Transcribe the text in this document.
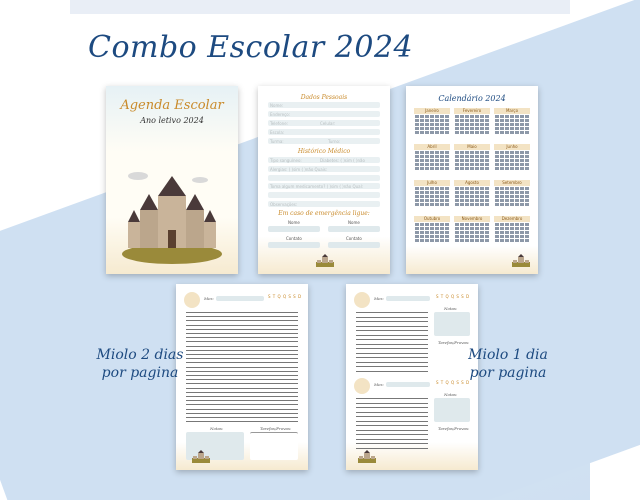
Combo Escolar 2024
Agenda Escolar
Ano letivo 2024
Dados Pessoais
Histórico Médico
Em caso de emergência ligue:
Nome	Nome
Contato	Contato
Calendário 2024
Janeiro	Fevereiro	Março
Abril	Maio	Junho
Julho	Agosto	Setembro
Outubro	Novembro	Dezembro
Mes:	S T Q Q S S D
Notas:	Tarefas/Provas:
Mes:	S T Q Q S S D
Notas:
Tarefas/Provas:
Mes:	S T Q Q S S D
Notas:
Tarefas/Provas:
Miolo 2 dias
por pagina
Miolo 1 dia
por pagina
